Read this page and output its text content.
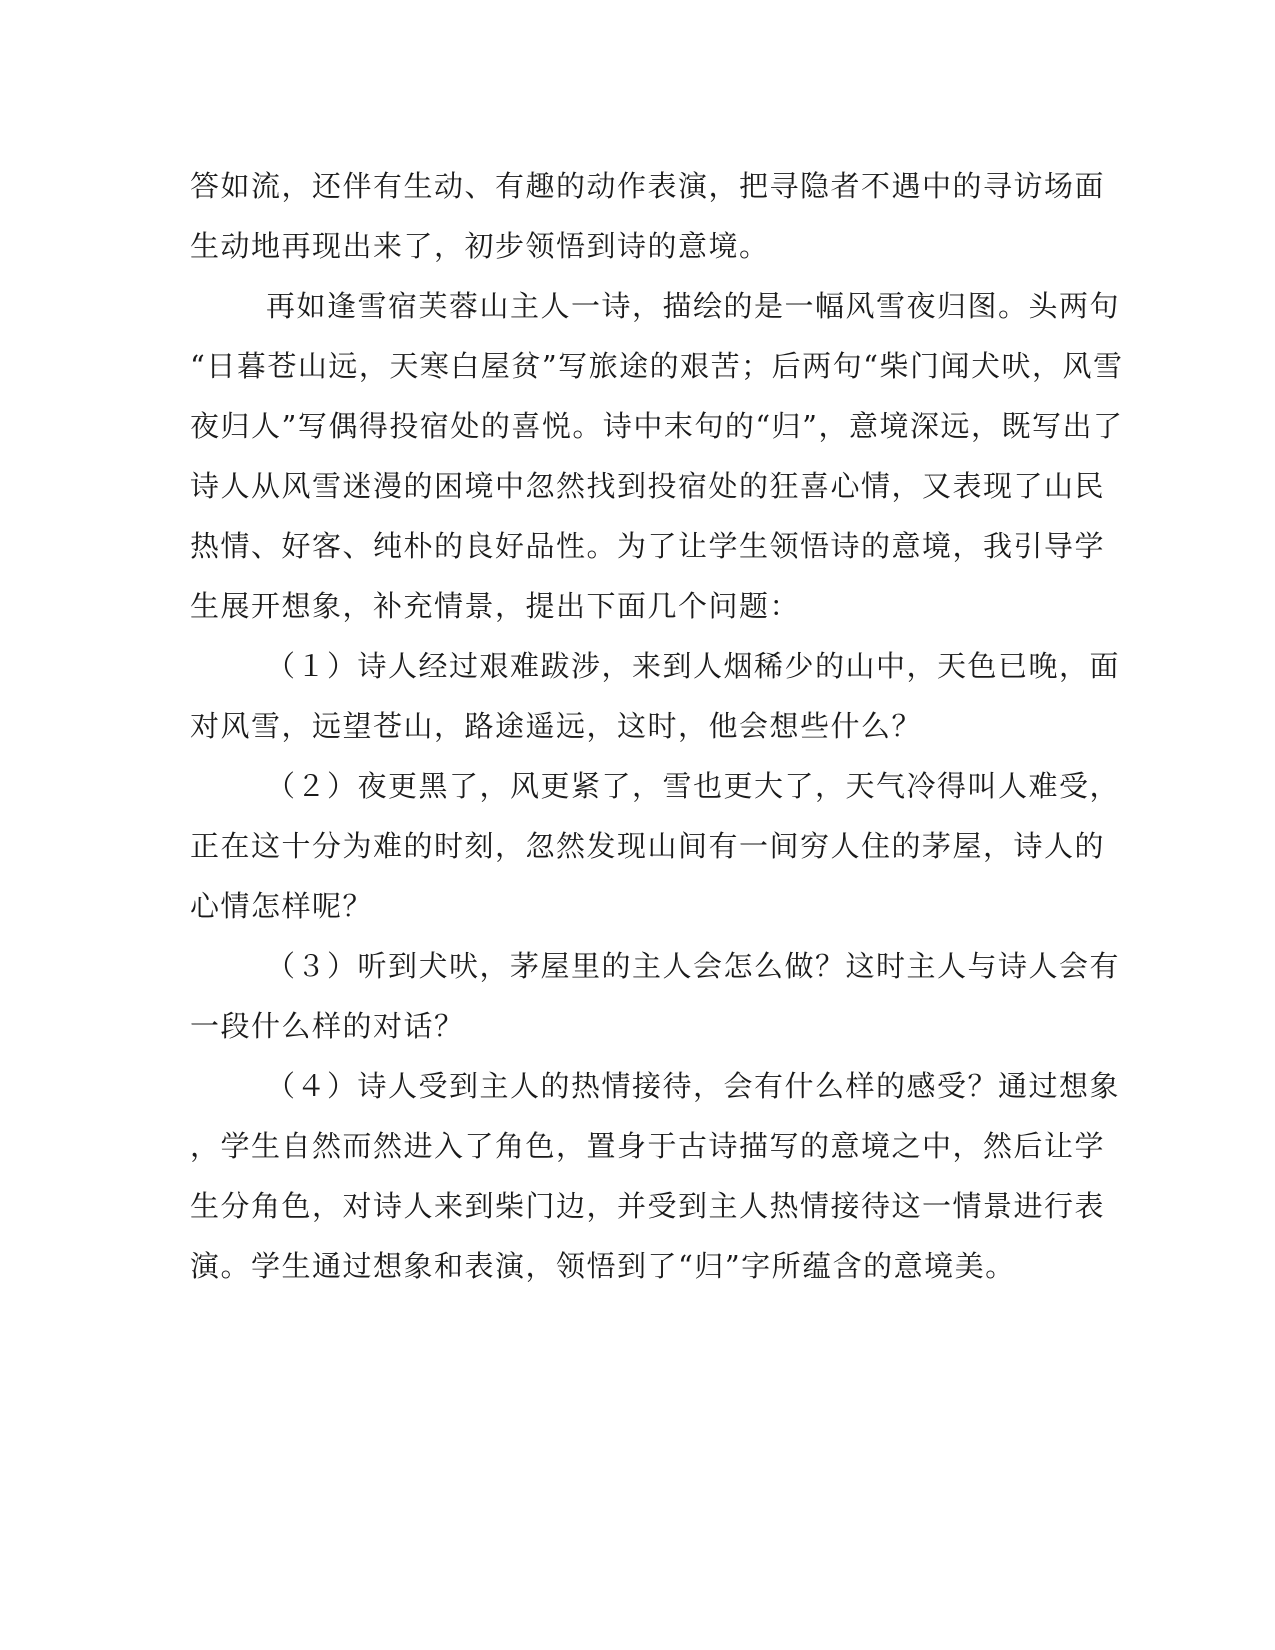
答如流，还伴有生动、有趣的动作表演，把寻隐者不遇中的寻访场面
生动地再现出来了，初步领悟到诗的意境。

再如逢雪宿芙蓉山主人一诗，描绘的是一幅风雪夜归图。头两句
“日暮苍山远，天寒白屋贫”写旅途的艰苦；后两句“柴门闻犬吠，风雪
夜归人”写偶得投宿处的喜悦。诗中末句的“归”，意境深远，既写出了
诗人从风雪迷漫的困境中忽然找到投宿处的狂喜心情，又表现了山民
热情、好客、纯朴的良好品性。为了让学生领悟诗的意境，我引导学
生展开想象，补充情景，提出下面几个问题：

（１）诗人经过艰难跋涉，来到人烟稀少的山中，天色已晚，面
对风雪，远望苍山，路途遥远，这时，他会想些什么？

（２）夜更黑了，风更紧了，雪也更大了，天气冷得叫人难受，
正在这十分为难的时刻，忽然发现山间有一间穷人住的茅屋，诗人的
心情怎样呢？

（３）听到犬吠，茅屋里的主人会怎么做？这时主人与诗人会有
一段什么样的对话？

（４）诗人受到主人的热情接待，会有什么样的感受？通过想象
，学生自然而然进入了角色，置身于古诗描写的意境之中，然后让学
生分角色，对诗人来到柴门边，并受到主人热情接待这一情景进行表
演。学生通过想象和表演，领悟到了“归”字所蕴含的意境美。
